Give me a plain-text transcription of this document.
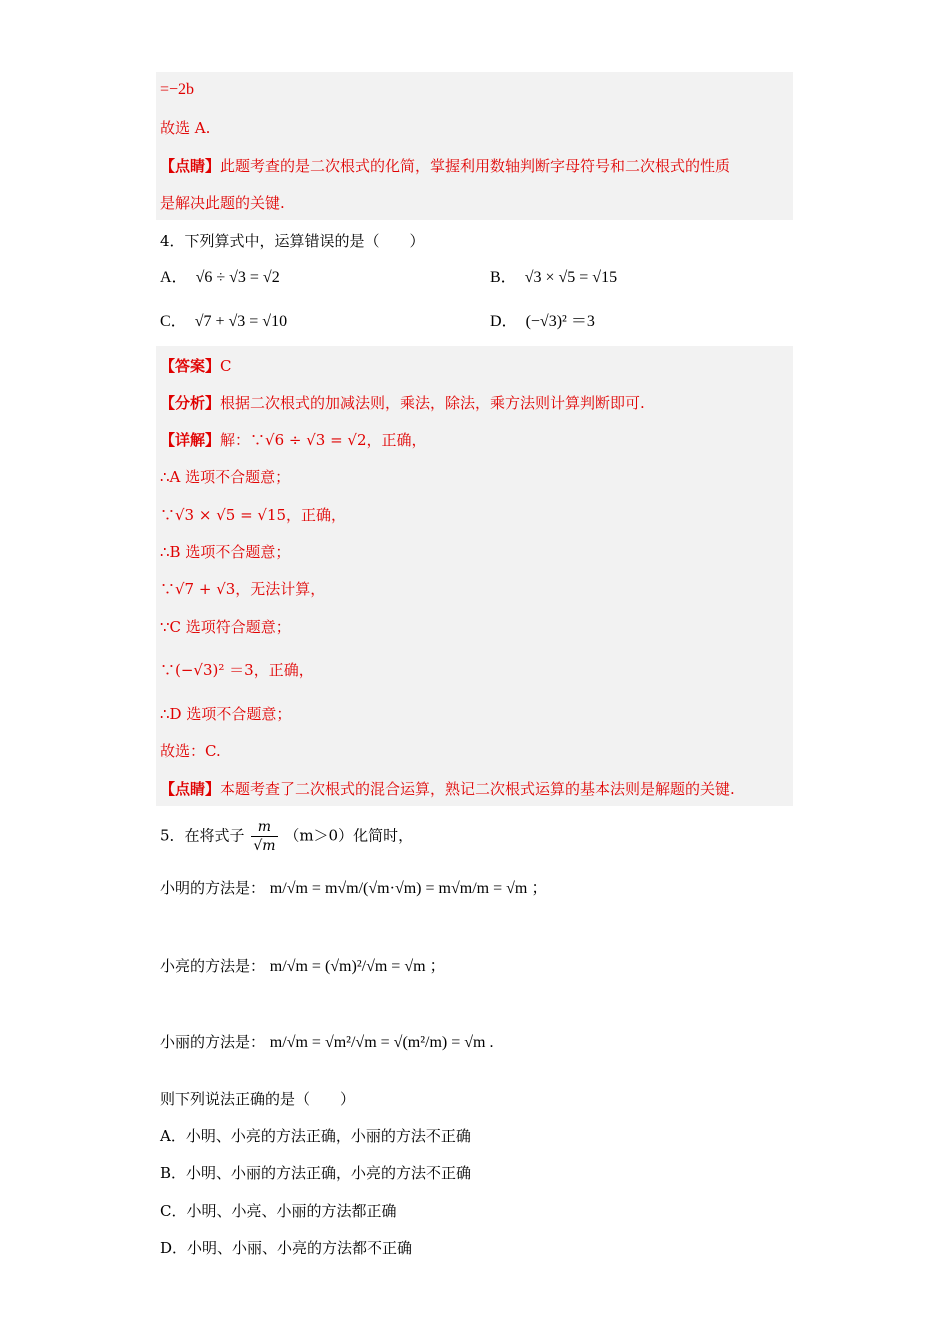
=−2b
故选 A.
【点睛】此题考查的是二次根式的化简，掌握利用数轴判断字母符号和二次根式的性质
是解决此题的关键.
4．下列算式中，运算错误的是（　　）
A． √6 ÷ √3 = √2	B． √3 × √5 = √15
C． √7 + √3 = √10	D． (−√3)² ＝3
【答案】C
【分析】根据二次根式的加减法则，乘法，除法，乘方法则计算判断即可.
【详解】解：∵√6 ÷ √3 = √2，正确，
∴A 选项不合题意；
∵√3 × √5 = √15，正确，
∴B 选项不合题意；
∵√7 + √3，无法计算，
∵C 选项符合题意；
∵(−√3)² ＝3，正确，
∴D 选项不合题意；
故选：C.
【点睛】本题考查了二次根式的混合运算，熟记二次根式运算的基本法则是解题的关键.
5．在将式子 $\frac{m}{√m} (m>0)$化简时，
小明的方法是： m/√m = m√m/(√m·√m) = m√m/m = √m ；
小亮的方法是： m/√m = (√m)²/√m = √m ；
小丽的方法是： m/√m = √m²/√m = √(m²/m) = √m .
则下列说法正确的是（　　）
A．小明、小亮的方法正确，小丽的方法不正确
B．小明、小丽的方法正确，小亮的方法不正确
C．小明、小亮、小丽的方法都正确
D．小明、小丽、小亮的方法都不正确
